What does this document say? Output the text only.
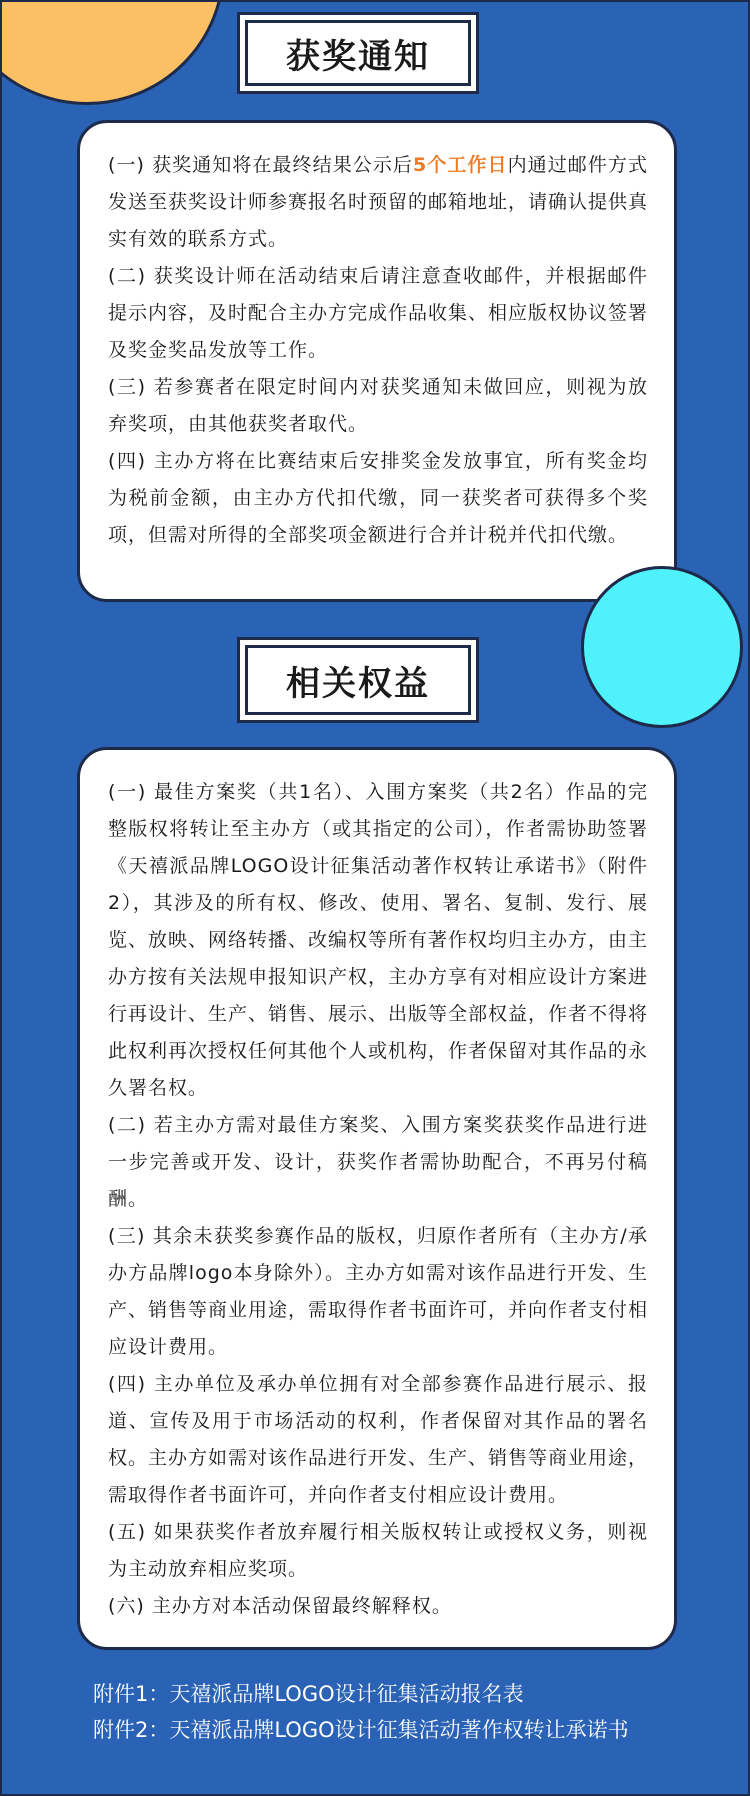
获奖通知

(一) 获奖通知将在最终结果公示后5个工作日内通过邮件方式发送至获奖设计师参赛报名时预留的邮箱地址，请确认提供真实有效的联系方式。

(二) 获奖设计师在活动结束后请注意查收邮件，并根据邮件提示内容，及时配合主办方完成作品收集、相应版权协议签署及奖金奖品发放等工作。

(三) 若参赛者在限定时间内对获奖通知未做回应，则视为放弃奖项，由其他获奖者取代。

(四) 主办方将在比赛结束后安排奖金发放事宜，所有奖金均为税前金额，由主办方代扣代缴，同一获奖者可获得多个奖项，但需对所得的全部奖项金额进行合并计税并代扣代缴。

相关权益

(一) 最佳方案奖（共1名）、入围方案奖（共2名）作品的完整版权将转让至主办方（或其指定的公司），作者需协助签署《天禧派品牌LOGO设计征集活动著作权转让承诺书》（附件2），其涉及的所有权、修改、使用、署名、复制、发行、展览、放映、网络转播、改编权等所有著作权均归主办方，由主办方按有关法规申报知识产权，主办方享有对相应设计方案进行再设计、生产、销售、展示、出版等全部权益，作者不得将此权利再次授权任何其他个人或机构，作者保留对其作品的永久署名权。

(二) 若主办方需对最佳方案奖、入围方案奖获奖作品进行进一步完善或开发、设计，获奖作者需协助配合，不再另付稿酬。

(三) 其余未获奖参赛作品的版权，归原作者所有（主办方/承办方品牌logo本身除外）。主办方如需对该作品进行开发、生产、销售等商业用途，需取得作者书面许可，并向作者支付相应设计费用。

(四) 主办单位及承办单位拥有对全部参赛作品进行展示、报道、宣传及用于市场活动的权利，作者保留对其作品的署名权。主办方如需对该作品进行开发、生产、销售等商业用途，需取得作者书面许可，并向作者支付相应设计费用。

(五) 如果获奖作者放弃履行相关版权转让或授权义务，则视为主动放弃相应奖项。

(六) 主办方对本活动保留最终解释权。

附件1：天禧派品牌LOGO设计征集活动报名表
附件2：天禧派品牌LOGO设计征集活动著作权转让承诺书
